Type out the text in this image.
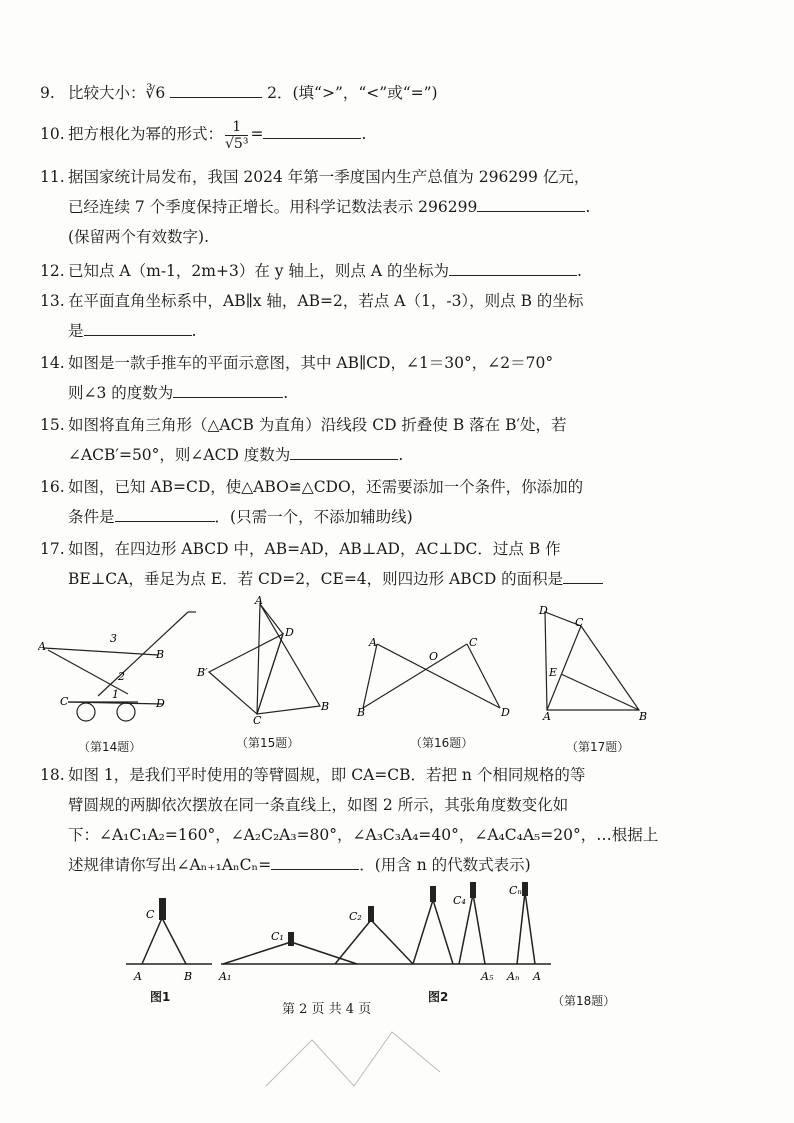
9. 比较大小：∛6	2．(填“>”，“<”或“=”)
10. 把方根化为幂的形式： $\frac{1}{\text{√5³}}$ =	.
11. 据国家统计局发布，我国 2024 年第一季度国内生产总值为 296299 亿元，
已经连续 7 个季度保持正增长。用科学记数法表示 296299	.
(保留两个有效数字).
12. 已知点 A（m-1，2m+3）在 y 轴上，则点 A 的坐标为	.
13. 在平面直角坐标系中，AB∥x 轴，AB=2，若点 A（1，-3），则点 B 的坐标
是	.
14. 如图是一款手推车的平面示意图，其中 AB∥CD，∠1＝30°，∠2＝70°
则∠3 的度数为	.
15. 如图将直角三角形（△ACB 为直角）沿线段 CD 折叠使 B 落在 B′处，若
∠ACB′=50°，则∠ACD 度数为	.
16. 如图，已知 AB=CD，使△ABO≌△CDO，还需要添加一个条件，你添加的
条件是	．(只需一个，不添加辅助线)
17. 如图，在四边形 ABCD 中，AB=AD，AB⊥AD，AC⊥DC．过点 B 作
BE⊥CA，垂足为点 E．若 CD=2，CE=4，则四边形 ABCD 的面积是
A
B
C	D
3
1
2
A
D
B′
C
B
A
B
C
D
O
D
C
E
A	B
（第14题）	（第15题）	（第16题）	（第17题）
18. 如图 1，是我们平时使用的等臂圆规，即 CA=CB．若把 n 个相同规格的等
臂圆规的两脚依次摆放在同一条直线上，如图 2 所示，其张角度数变化如
下：∠A₁C₁A₂=160°，∠A₂C₂A₃=80°，∠A₃C₃A₄=40°，∠A₄C₄A₅=20°，…根据上
述规律请你写出∠Aₙ₊₁AₙCₙ=	．(用含 n 的代数式表示)
C
A	B
C₁
C₂
C₄
Cₙ
A₁	A₅ Aₙ A
图1	图2	（第18题）
第 2 页 共 4 页
